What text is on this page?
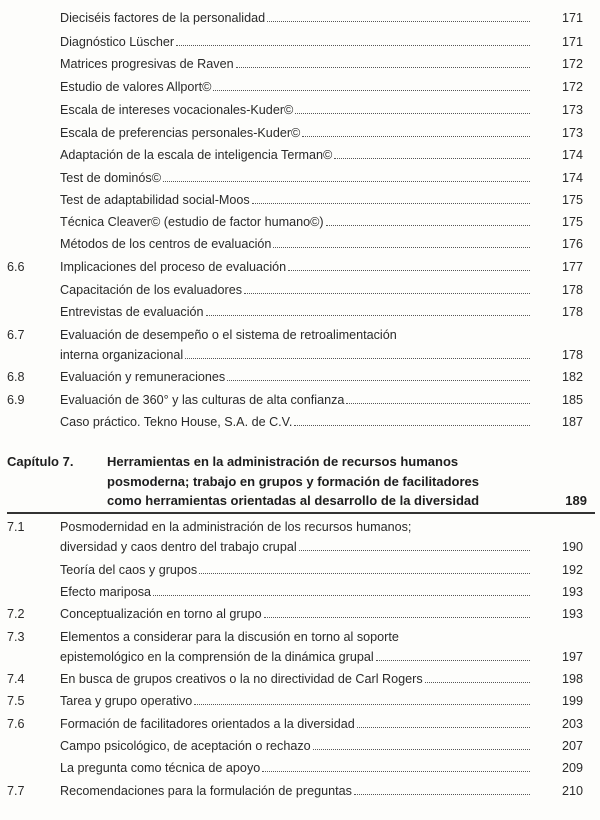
Dieciséis factores de la personalidad	171
Diagnóstico Lüscher	171
Matrices progresivas de Raven	172
Estudio de valores Allport©	172
Escala de intereses vocacionales-Kuder©	173
Escala de preferencias personales-Kuder©	173
Adaptación de la escala de inteligencia Terman©	174
Test de dominós©	174
Test de adaptabilidad social-Moos	175
Técnica Cleaver© (estudio de factor humano©)	175
Métodos de los centros de evaluación	176
6.6	Implicaciones del proceso de evaluación	177
Capacitación de los evaluadores	178
Entrevistas de evaluación	178
6.7	Evaluación de desempeño o el sistema de retroalimentación
interna organizacional	178
6.8	Evaluación y remuneraciones	182
6.9	Evaluación de 360° y las culturas de alta confianza	185
Caso práctico. Tekno House, S.A. de C.V.	187
Capítulo 7.	Herramientas en la administración de recursos humanos
posmoderna; trabajo en grupos y formación de facilitadores
como herramientas orientadas al desarrollo de la diversidad	189
7.1	Posmodernidad en la administración de los recursos humanos;
diversidad y caos dentro del trabajo crupal	190
Teoría del caos y grupos	192
Efecto mariposa	193
7.2	Conceptualización en torno al grupo	193
7.3	Elementos a considerar para la discusión en torno al soporte
epistemológico en la comprensión de la dinámica grupal	197
7.4	En busca de grupos creativos o la no directividad de Carl Rogers	198
7.5	Tarea y grupo operativo	199
7.6	Formación de facilitadores orientados a la diversidad	203
Campo psicológico, de aceptación o rechazo	207
La pregunta como técnica de apoyo	209
7.7	Recomendaciones para la formulación de preguntas	210
